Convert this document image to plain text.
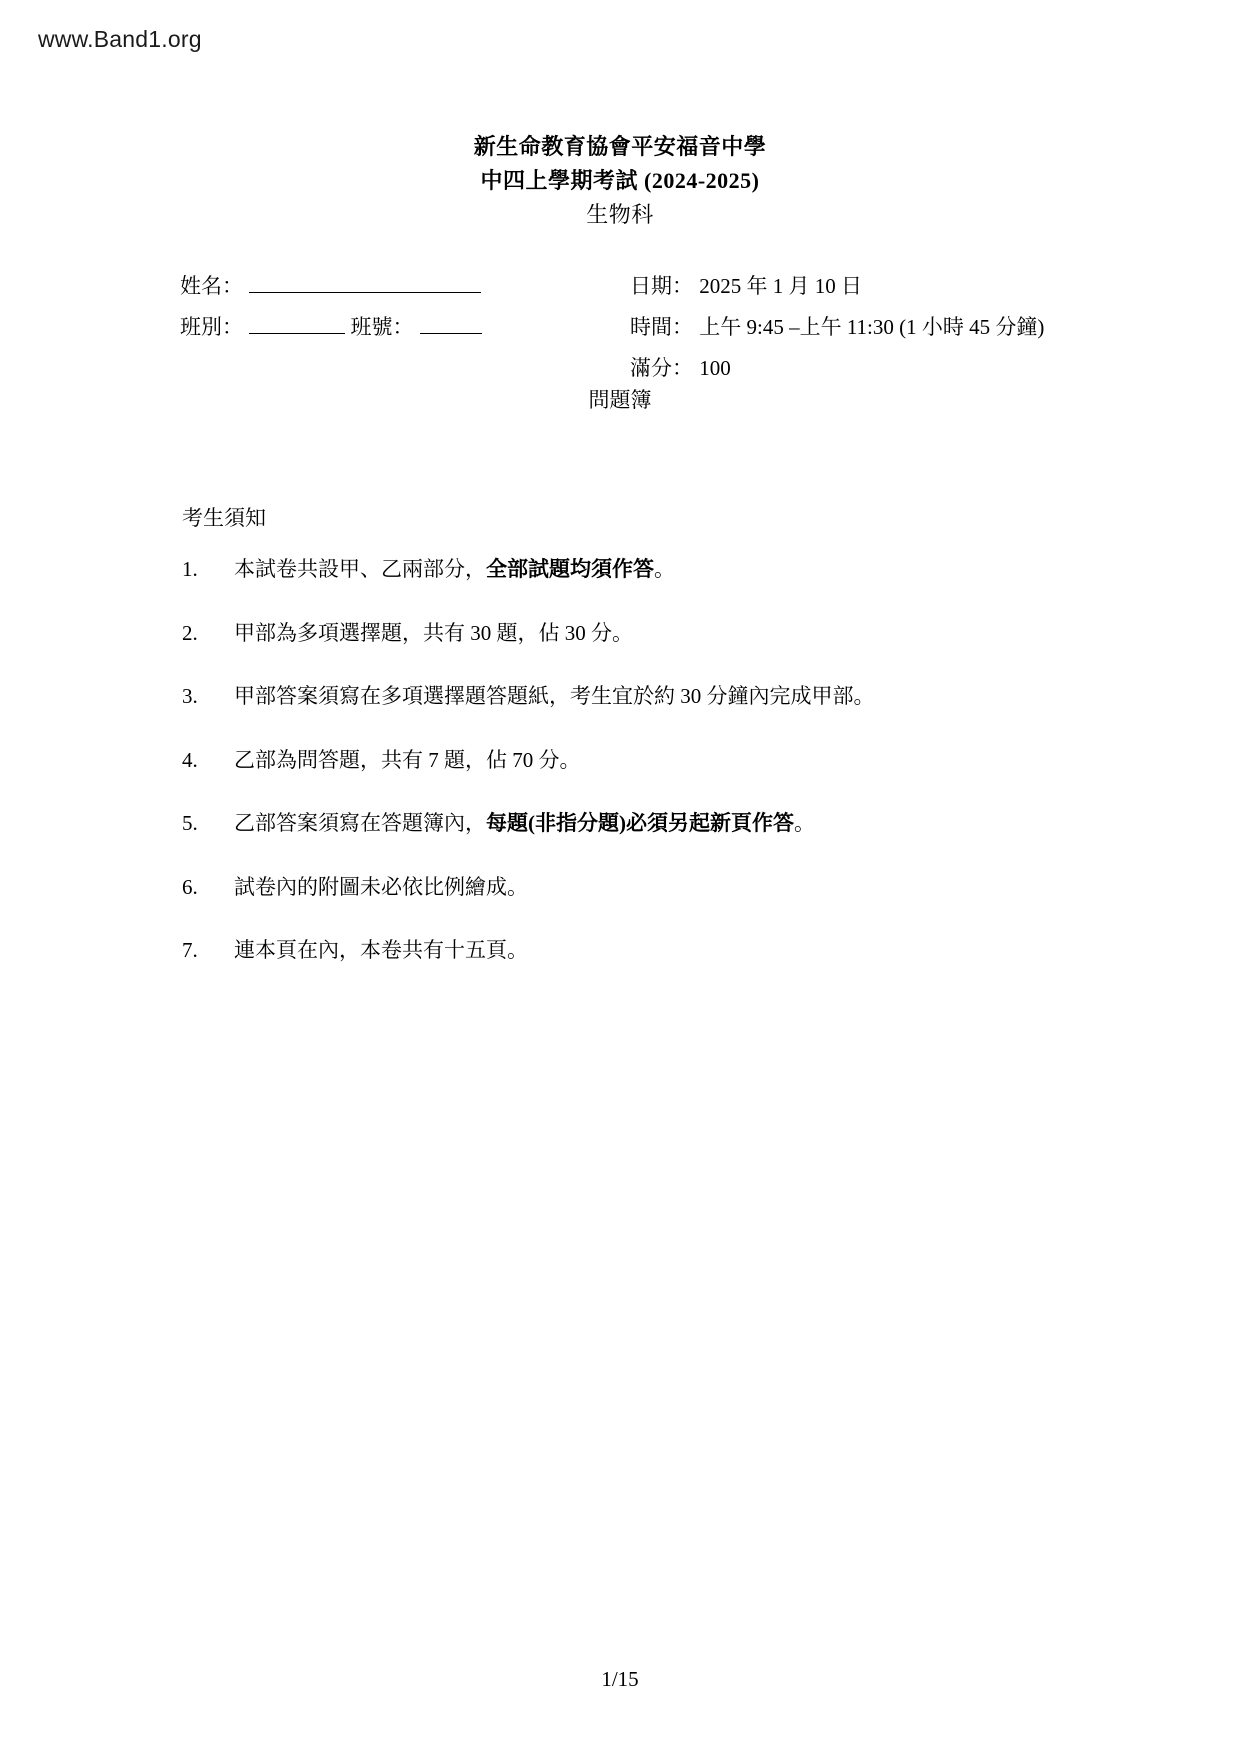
www.Band1.org
新生命教育協會平安福音中學
中四上學期考試 (2024-2025)
生物科
姓名：
班別：	班號：
日期： 2025 年 1 月 10 日
時間： 上午 9:45 –上午 11:30 (1 小時 45 分鐘)
滿分： 100
問題簿
考生須知
1. 本試卷共設甲、乙兩部分，全部試題均須作答。
2. 甲部為多項選擇題，共有 30 題，佔 30 分。
3. 甲部答案須寫在多項選擇題答題紙，考生宜於約 30 分鐘內完成甲部。
4. 乙部為問答題，共有 7 題，佔 70 分。
5. 乙部答案須寫在答題簿內，每題(非指分題)必須另起新頁作答。
6. 試卷內的附圖未必依比例繪成。
7. 連本頁在內，本卷共有十五頁。
1/15
